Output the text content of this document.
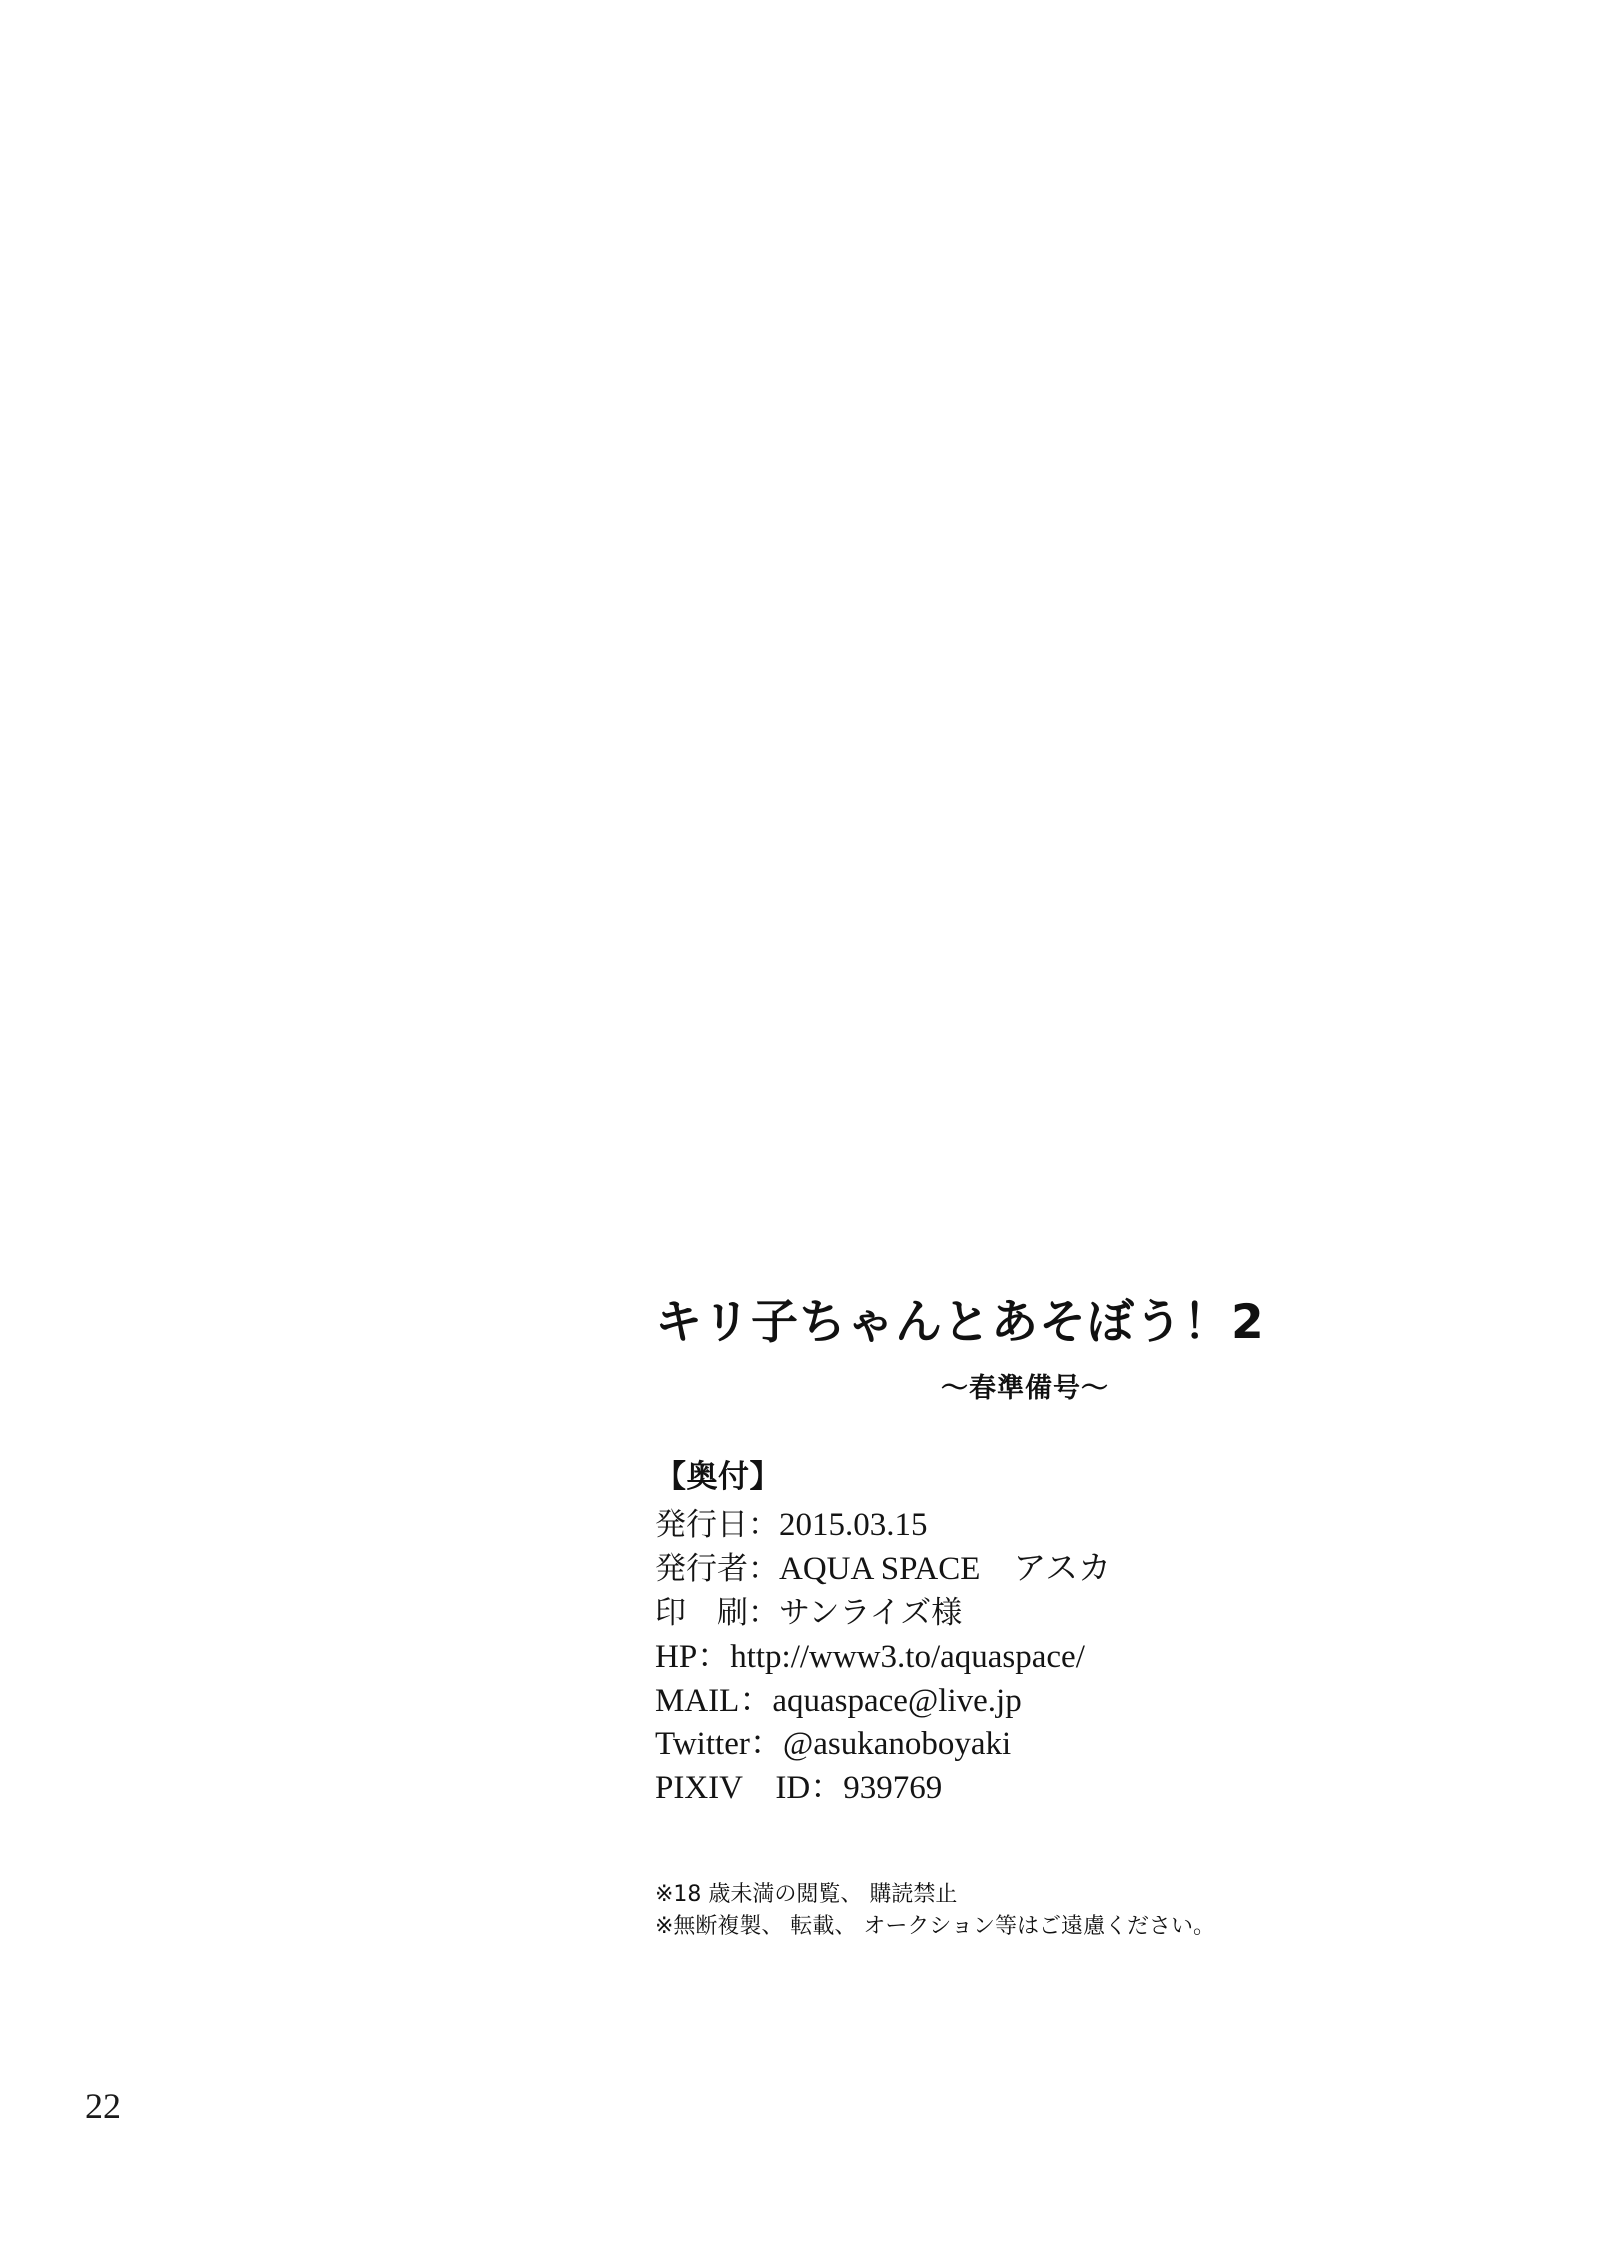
キリ子ちゃんとあそぼう！2
～春準備号～
【奥付】
発行日：2015.03.15
発行者：AQUA SPACE　アスカ
印　刷：サンライズ様
HP：http://www3.to/aquaspace/
MAIL：aquaspace@live.jp
Twitter：@asukanoboyaki
PIXIV　ID：939769
※18 歳未満の閲覧、 購読禁止
※無断複製、 転載、 オークション等はご遠慮ください。
22
